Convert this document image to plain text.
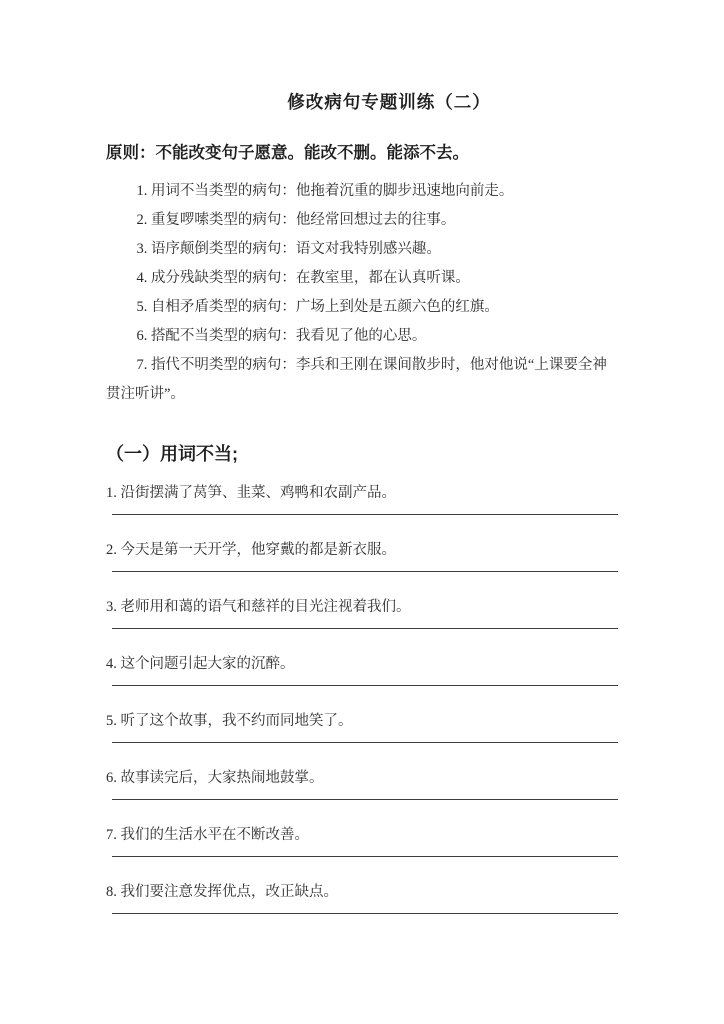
修改病句专题训练（二）

原则：不能改变句子愿意。能改不删。能添不去。

1. 用词不当类型的病句：他拖着沉重的脚步迅速地向前走。

2. 重复啰嗦类型的病句：他经常回想过去的往事。

3. 语序颠倒类型的病句：语文对我特别感兴趣。

4. 成分残缺类型的病句：在教室里，都在认真听课。

5. 自相矛盾类型的病句：广场上到处是五颜六色的红旗。

6. 搭配不当类型的病句：我看见了他的心思。

7. 指代不明类型的病句：李兵和王刚在课间散步时，他对他说“上课要全神贯注听讲”。

（一）用词不当;

1. 沿街摆满了莴笋、韭菜、鸡鸭和农副产品。

2. 今天是第一天开学，他穿戴的都是新衣服。

3. 老师用和蔼的语气和慈祥的目光注视着我们。

4. 这个问题引起大家的沉醉。

5. 听了这个故事，我不约而同地笑了。

6. 故事读完后，大家热闹地鼓掌。

7. 我们的生活水平在不断改善。

8. 我们要注意发挥优点，改正缺点。
